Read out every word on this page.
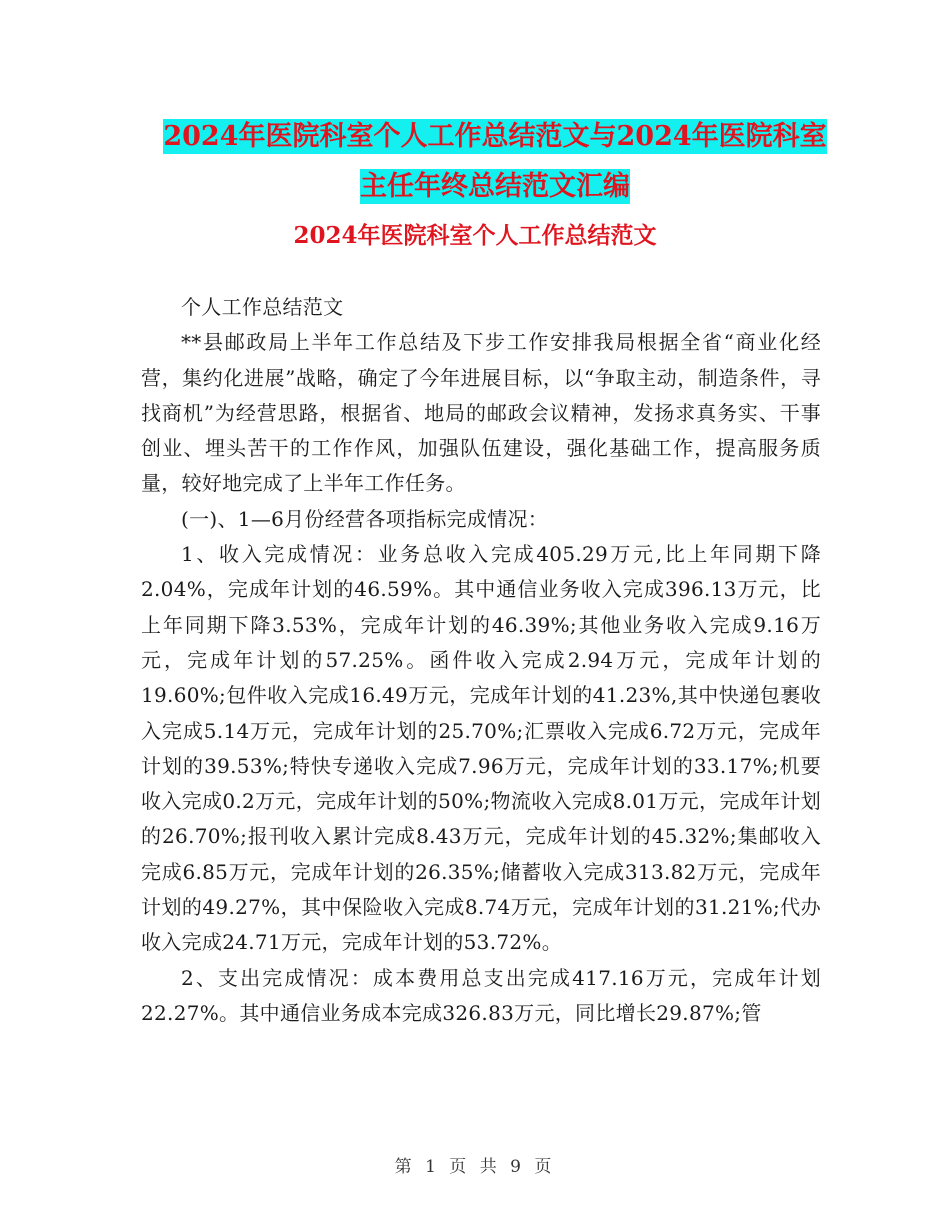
2024年医院科室个人工作总结范文与2024年医院科室
主任年终总结范文汇编
2024年医院科室个人工作总结范文

个人工作总结范文

**县邮政局上半年工作总结及下步工作安排我局根据全省“商业化经营，集约化进展”战略，确定了今年进展目标，以“争取主动，制造条件，寻找商机”为经营思路，根据省、地局的邮政会议精神，发扬求真务实、干事创业、埋头苦干的工作作风，加强队伍建设，强化基础工作，提高服务质量，较好地完成了上半年工作任务。

(一)、1—6月份经营各项指标完成情况：

1、收入完成情况：业务总收入完成405.29万元,比上年同期下降2.04%，完成年计划的46.59%。其中通信业务收入完成396.13万元，比上年同期下降3.53%，完成年计划的46.39%;其他业务收入完成9.16万元，完成年计划的57.25%。函件收入完成2.94万元，完成年计划的19.60%;包件收入完成16.49万元，完成年计划的41.23%,其中快递包裹收入完成5.14万元，完成年计划的25.70%;汇票收入完成6.72万元，完成年计划的39.53%;特快专递收入完成7.96万元，完成年计划的33.17%;机要收入完成0.2万元，完成年计划的50%;物流收入完成8.01万元，完成年计划的26.70%;报刊收入累计完成8.43万元，完成年计划的45.32%;集邮收入完成6.85万元，完成年计划的26.35%;储蓄收入完成313.82万元，完成年计划的49.27%，其中保险收入完成8.74万元，完成年计划的31.21%;代办收入完成24.71万元，完成年计划的53.72%。

2、支出完成情况：成本费用总支出完成417.16万元，完成年计划22.27%。其中通信业务成本完成326.83万元，同比增长29.87%;管

第 1 页 共 9 页
